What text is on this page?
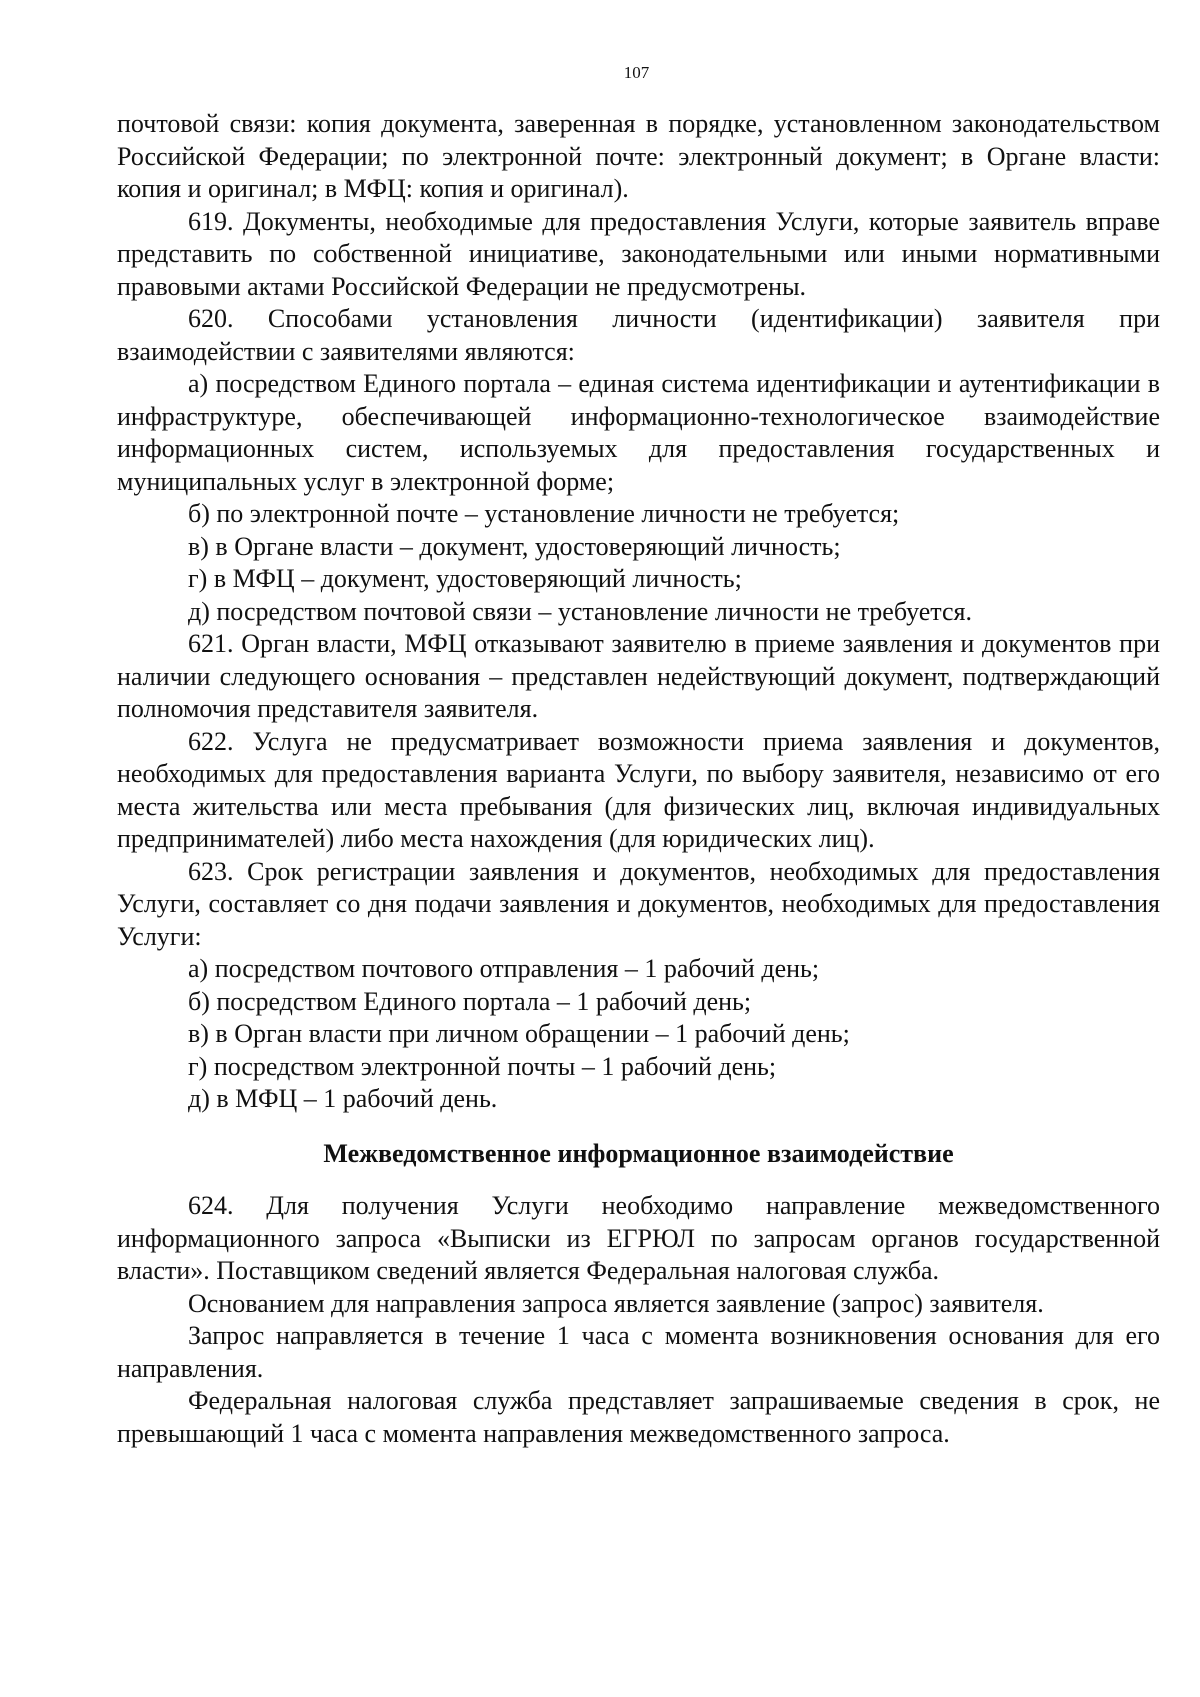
107

почтовой связи: копия документа, заверенная в порядке, установленном законодательством Российской Федерации; по электронной почте: электронный документ; в Органе власти: копия и оригинал; в МФЦ: копия и оригинал).

619. Документы, необходимые для предоставления Услуги, которые заявитель вправе представить по собственной инициативе, законодательными или иными нормативными правовыми актами Российской Федерации не предусмотрены.

620. Способами установления личности (идентификации) заявителя при взаимодействии с заявителями являются:

а) посредством Единого портала – единая система идентификации и аутентификации в инфраструктуре, обеспечивающей информационно-технологическое взаимодействие информационных систем, используемых для предоставления государственных и муниципальных услуг в электронной форме;

б) по электронной почте – установление личности не требуется;

в) в Органе власти – документ, удостоверяющий личность;

г) в МФЦ – документ, удостоверяющий личность;

д) посредством почтовой связи – установление личности не требуется.

621. Орган власти, МФЦ отказывают заявителю в приеме заявления и документов при наличии следующего основания – представлен недействующий документ, подтверждающий полномочия представителя заявителя.

622. Услуга не предусматривает возможности приема заявления и документов, необходимых для предоставления варианта Услуги, по выбору заявителя, независимо от его места жительства или места пребывания (для физических лиц, включая индивидуальных предпринимателей) либо места нахождения (для юридических лиц).

623. Срок регистрации заявления и документов, необходимых для предоставления Услуги, составляет со дня подачи заявления и документов, необходимых для предоставления Услуги:

а) посредством почтового отправления – 1 рабочий день;

б) посредством Единого портала – 1 рабочий день;

в) в Орган власти при личном обращении – 1 рабочий день;

г) посредством электронной почты – 1 рабочий день;

д) в МФЦ – 1 рабочий день.

Межведомственное информационное взаимодействие

624. Для получения Услуги необходимо направление межведомственного информационного запроса «Выписки из ЕГРЮЛ по запросам органов государственной власти». Поставщиком сведений является Федеральная налоговая служба.

Основанием для направления запроса является заявление (запрос) заявителя.

Запрос направляется в течение 1 часа с момента возникновения основания для его направления.

Федеральная налоговая служба представляет запрашиваемые сведения в срок, не превышающий 1 часа с момента направления межведомственного запроса.
